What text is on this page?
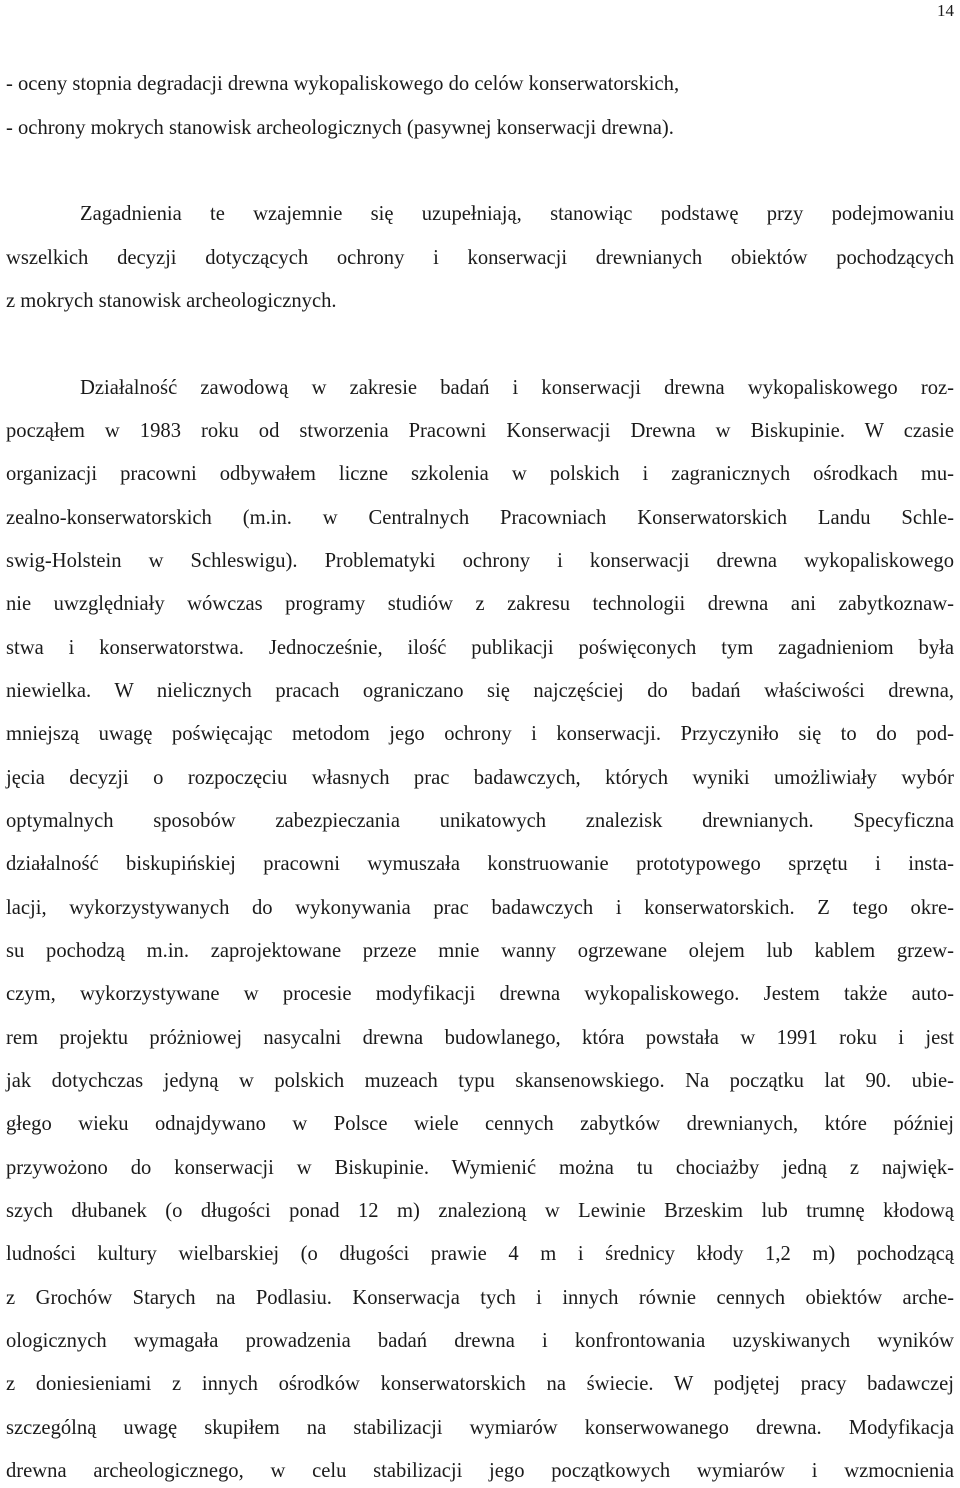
14
- oceny stopnia degradacji drewna wykopaliskowego do celów konserwatorskich,
- ochrony mokrych stanowisk archeologicznych (pasywnej konserwacji drewna).
Zagadnienia te wzajemnie się uzupełniają, stanowiąc podstawę przy podejmowaniu
wszelkich decyzji dotyczących ochrony i konserwacji drewnianych obiektów pochodzących
z mokrych stanowisk archeologicznych.
Działalność zawodową w zakresie badań i konserwacji drewna wykopaliskowego roz-
począłem w 1983 roku od stworzenia Pracowni Konserwacji Drewna w Biskupinie. W czasie
organizacji pracowni odbywałem liczne szkolenia w polskich i zagranicznych ośrodkach mu-
zealno-konserwatorskich (m.in. w Centralnych Pracowniach Konserwatorskich Landu Schle-
swig-Holstein w Schleswigu). Problematyki ochrony i konserwacji drewna wykopaliskowego
nie uwzględniały wówczas programy studiów z zakresu technologii drewna ani zabytkoznaw-
stwa i konserwatorstwa. Jednocześnie, ilość publikacji poświęconych tym zagadnieniom była
niewielka. W nielicznych pracach ograniczano się najczęściej do badań właściwości drewna,
mniejszą uwagę poświęcając metodom jego ochrony i konserwacji. Przyczyniło się to do pod-
jęcia decyzji o rozpoczęciu własnych prac badawczych, których wyniki umożliwiały wybór
optymalnych sposobów zabezpieczania unikatowych znalezisk drewnianych. Specyficzna
działalność biskupińskiej pracowni wymuszała konstruowanie prototypowego sprzętu i insta-
lacji, wykorzystywanych do wykonywania prac badawczych i konserwatorskich. Z tego okre-
su pochodzą m.in. zaprojektowane przeze mnie wanny ogrzewane olejem lub kablem grzew-
czym, wykorzystywane w procesie modyfikacji drewna wykopaliskowego. Jestem także auto-
rem projektu próżniowej nasycalni drewna budowlanego, która powstała w 1991 roku i jest
jak dotychczas jedyną w polskich muzeach typu skansenowskiego. Na początku lat 90. ubie-
głego wieku odnajdywano w Polsce wiele cennych zabytków drewnianych, które później
przywożono do konserwacji w Biskupinie. Wymienić można tu chociażby jedną z najwięk-
szych dłubanek (o długości ponad 12 m) znalezioną w Lewinie Brzeskim lub trumnę kłodową
ludności kultury wielbarskiej (o długości prawie 4 m i średnicy kłody 1,2 m) pochodzącą
z Grochów Starych na Podlasiu. Konserwacja tych i innych równie cennych obiektów arche-
ologicznych wymagała prowadzenia badań drewna i konfrontowania uzyskiwanych wyników
z doniesieniami z innych ośrodków konserwatorskich na świecie. W podjętej pracy badawczej
szczególną uwagę skupiłem na stabilizacji wymiarów konserwowanego drewna. Modyfikacja
drewna archeologicznego, w celu stabilizacji jego początkowych wymiarów i wzmocnienia
